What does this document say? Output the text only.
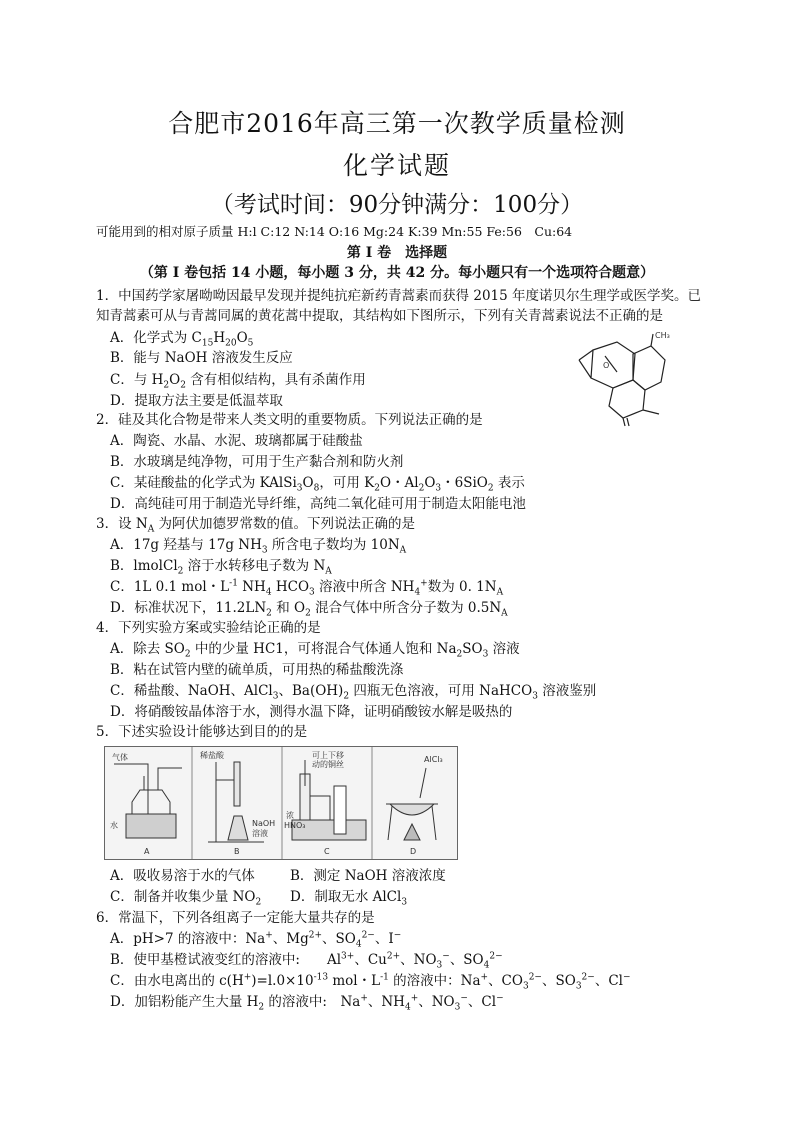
合肥市2016年高三第一次教学质量检测
化学试题
（考试时间：90分钟满分：100分）
可能用到的相对原子质量 H:l C:12 N:14 O:16 Mg:24 K:39 Mn:55 Fe:56　Cu:64
第 I 卷　选择题
（第 I 卷包括 14 小题，每小题 3 分，共 42 分。每小题只有一个选项符合题意）
1．中国药学家屠呦呦因最早发现并提纯抗疟新药青蒿素而获得 2015 年度诺贝尔生理学或医学奖。已
知青蒿素可从与青蒿同属的黄花蒿中提取，其结构如下图所示，下列有关青蒿素说法不正确的是
A．化学式为 $C_{15}H_{20}O_5$
B．能与 NaOH 溶液发生反应
C．与 $H_2O_2$ 含有相似结构，具有杀菌作用
D．提取方法主要是低温萃取
CH₃
O
2．硅及其化合物是带来人类文明的重要物质。下列说法正确的是
A．陶瓷、水晶、水泥、玻璃都属于硅酸盐
B．水玻璃是纯净物，可用于生产黏合剂和防火剂
C．某硅酸盐的化学式为 $KAlSi_3O_8$，可用 $K_2O$・$Al_2O_3$・6SiO$_2$ 表示
D．高纯硅可用于制造光导纤维，高纯二氧化硅可用于制造太阳能电池
3．设 $N_A$ 为阿伏加德罗常数的值。下列说法正确的是
A．17g 羟基与 17g $NH_3$ 所含电子数均为 $10N_A$
B．lmolCl$_2$ 溶于水转移电子数为 $N_A$
C．1L 0.1 mol・$L^{-1}$ $NH_4$ $HCO_3$ 溶液中所含 $NH_4^+$数为 0. $1N_A$
D．标准状况下，$11.2LN_2$ 和 $O_2$ 混合气体中所含分子数为 $0.5N_A$
4．下列实验方案或实验结论正确的是
A．除去 $SO_2$ 中的少量 HC1，可将混合气体通人饱和 $Na_2SO_3$ 溶液
B．粘在试管内壁的硫单质，可用热的稀盐酸洗涤
C．稀盐酸、NaOH、AlCl$_3$、$Ba(OH)_2$ 四瓶无色溶液，可用 NaHCO$_3$ 溶液鉴别
D．将硝酸铵晶体溶于水，测得水温下降，证明硝酸铵水解是吸热的
5．下述实验设计能够达到目的的是
气体
水
稀盐酸
NaOH
溶液
可上下移
动的铜丝
浓
HNO₃
AlCl₃
A	B	C	D
A．吸收易溶于水的气体	B．测定 NaOH 溶液浓度
C．制备并收集少量 $NO_2$ D．制取无水 AlCl$_3$
6．常温下，下列各组离子一定能大量共存的是
A．pH>7 的溶液中：Na+、$Mg^{2+}$、$SO_4^{2-}$、I−
B．使甲基橙试液变红的溶液中:　　$Al^{3+}$、$Cu^{2+}$、$NO_3^-$、$SO_4^{2-}$
C．由水电离出的 $c(H^+)=l.0\times 10^{-13}$ mol・$L^{-1}$ 的溶液中：Na+、$CO_3^{2-}$、$SO_3^{2-}$、Cl−
D．加铝粉能产生大量 $H_2$ 的溶液中:　Na+、$NH_4^+$、$NO_3^-$、Cl−
